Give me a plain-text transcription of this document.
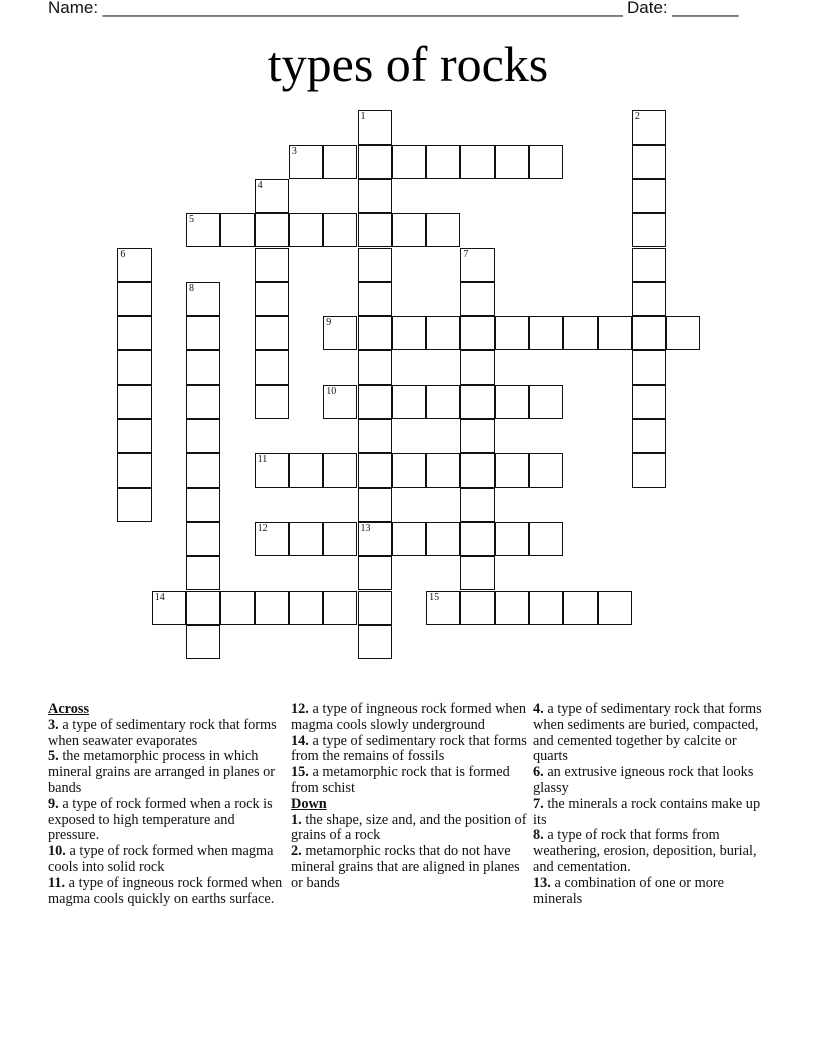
Name: _______________________________________________________ Date: _______
types of rocks
1
13
2
3
4
5
6	7
8
9
10
11
12
14	15
Across
3. a type of sedimentary rock that forms when seawater evaporates
5. the metamorphic process in which mineral grains are arranged in planes or bands
9. a type of rock formed when a rock is exposed to high temperature and pressure.
10. a type of rock formed when magma cools into solid rock
11. a type of ingneous rock formed when magma cools quickly on earths surface.
12. a type of ingneous rock formed when magma cools slowly underground
14. a type of sedimentary rock that forms from the remains of fossils
15. a metamorphic rock that is formed from schist
Down
1. the shape, size and, and the position of grains of a rock
2. metamorphic rocks that do not have mineral grains that are aligned in planes or bands
4. a type of sedimentary rock that forms when sediments are buried, compacted, and cemented together by calcite or quarts
6. an extrusive igneous rock that looks glassy
7. the minerals a rock contains make up its
8. a type of rock that forms from weathering, erosion, deposition, burial, and cementation.
13. a combination of one or more minerals
